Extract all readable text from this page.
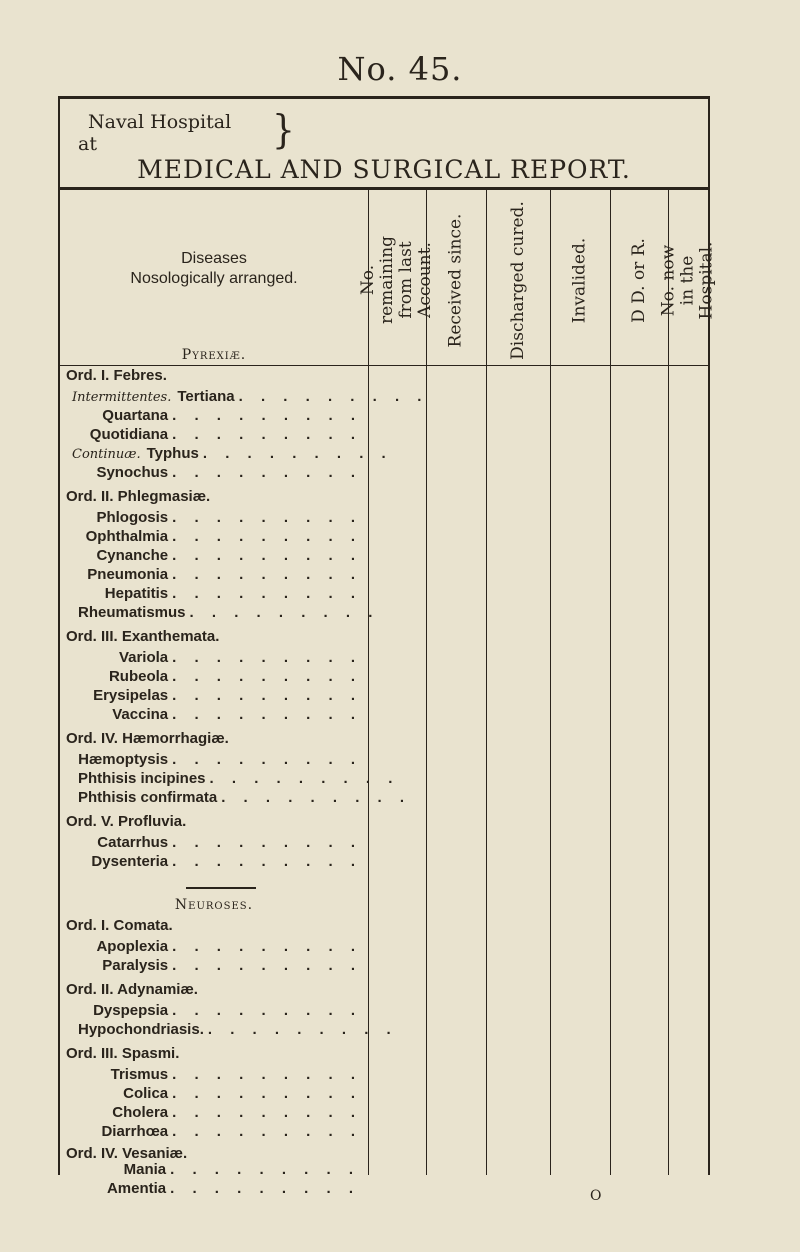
No. 45.
Naval Hospital
at	}
MEDICAL AND SURGICAL REPORT.
Diseases
Nosologically arranged.	No. remaining from last Account. Received since. Discharged cured. Invalided. D D. or R. No. now in the Hospital.
Pyrexiæ.
Ord. I. Febres.
Intermittentes. Tertiana . . . . . . . . .
Quartana . . . . . . . . .
Quotidiana . . . . . . . . .
Continuæ. Typhus . . . . . . . . .
Synochus . . . . . . . . .
Ord. II. Phlegmasiæ.
Phlogosis . . . . . . . . .
Ophthalmia . . . . . . . . .
Cynanche . . . . . . . . .
Pneumonia . . . . . . . . .
Hepatitis . . . . . . . . .
Rheumatismus . . . . . . . . .
Ord. III. Exanthemata.
Variola . . . . . . . . .
Rubeola . . . . . . . . .
Erysipelas . . . . . . . . .
Vaccina . . . . . . . . .
Ord. IV. Hæmorrhagiæ.
Hæmoptysis . . . . . . . . .
Phthisis incipines . . . . . . . . .
Phthisis confirmata . . . . . . . . .
Ord. V. Profluvia.
Catarrhus . . . . . . . . .
Dysenteria . . . . . . . . .
Neuroses.
Ord. I. Comata.
Apoplexia . . . . . . . . .
Paralysis . . . . . . . . .
Ord. II. Adynamiæ.
Dyspepsia . . . . . . . . .
Hypochondriasis. . . . . . . . . .
Ord. III. Spasmi.
Trismus . . . . . . . . .
Colica . . . . . . . . .
Cholera . . . . . . . . .
Diarrhœa . . . . . . . . .
Ord. IV. Vesaniæ.
Mania . . . . . . . . .
Amentia . . . . . . . . .	O
